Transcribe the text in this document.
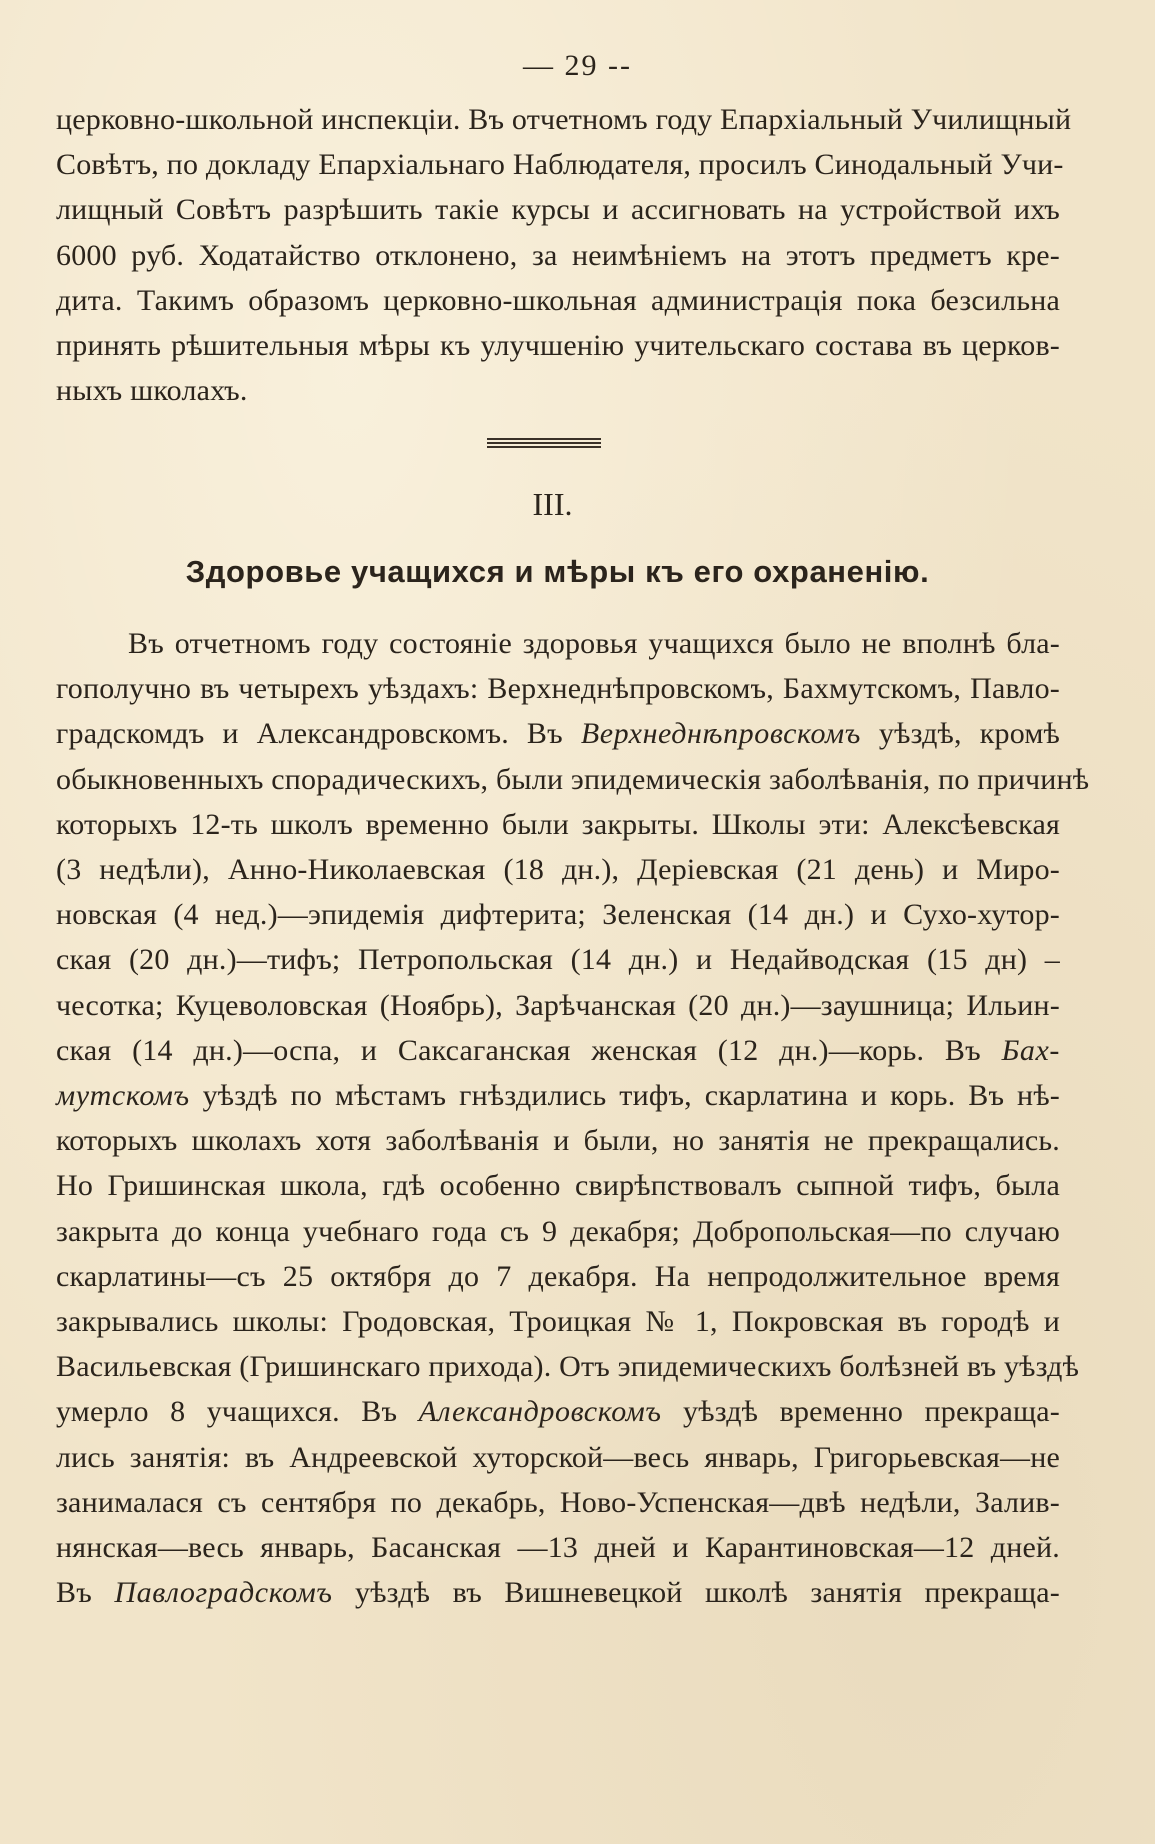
— 29 --
церковно-школьной инспекціи. Въ отчетномъ году Епархіальный Училищный
Совѣтъ, по докладу Епархіальнаго Наблюдателя, просилъ Синодальный Учи-
лищный Совѣтъ разрѣшить такіе курсы и ассигновать на устройствой ихъ
6000 руб. Ходатайство отклонено, за неимѣніемъ на этотъ предметъ кре-
дита. Такимъ образомъ церковно-школьная администрація пока безсильна
принять рѣшительныя мѣры къ улучшенію учительскаго состава въ церков-
ныхъ школахъ.
III.
Здоровье учащихся и мѣры къ его охраненію.
Въ отчетномъ году состояніе здоровья учащихся было не вполнѣ бла-
гополучно въ четырехъ уѣздахъ: Верхнеднѣпровскомъ, Бахмутскомъ, Павло-
градскомдъ и Александровскомъ. Въ Верхнеднѣпровскомъ уѣздѣ, кромѣ
обыкновенныхъ спорадическихъ, были эпидемическія заболѣванія, по причинѣ
которыхъ 12-ть школъ временно были закрыты. Школы эти: Алексѣевская
(3 недѣли), Анно-Николаевская (18 дн.), Деріевская (21 день) и Миро-
новская (4 нед.)—эпидемія дифтерита; Зеленская (14 дн.) и Сухо-хутор-
ская (20 дн.)—тифъ; Петропольская (14 дн.) и Недайводская (15 дн) –
чесотка; Куцеволовская (Ноябрь), Зарѣчанская (20 дн.)—заушница; Ильин-
ская (14 дн.)—оспа, и Саксаганская женская (12 дн.)—корь. Въ Бах-
мутскомъ уѣздѣ по мѣстамъ гнѣздились тифъ, скарлатина и корь. Въ нѣ-
которыхъ школахъ хотя заболѣванія и были, но занятія не прекращались.
Но Гришинская школа, гдѣ особенно свирѣпствовалъ сыпной тифъ, была
закрыта до конца учебнаго года съ 9 декабря; Добропольская—по случаю
скарлатины—съ 25 октября до 7 декабря. На непродолжительное время
закрывались школы: Гродовская, Троицкая № 1, Покровская въ городѣ и
Васильевская (Гришинскаго прихода). Отъ эпидемическихъ болѣзней въ уѣздѣ
умерло 8 учащихся. Въ Александровскомъ уѣздѣ временно прекраща-
лись занятія: въ Андреевской хуторской—весь январь, Григорьевская—не
занималася съ сентября по декабрь, Ново-Успенская—двѣ недѣли, Залив-
нянская—весь январь, Басанская —13 дней и Карантиновская—12 дней.
Въ Павлоградскомъ уѣздѣ въ Вишневецкой школѣ занятія прекраща-
